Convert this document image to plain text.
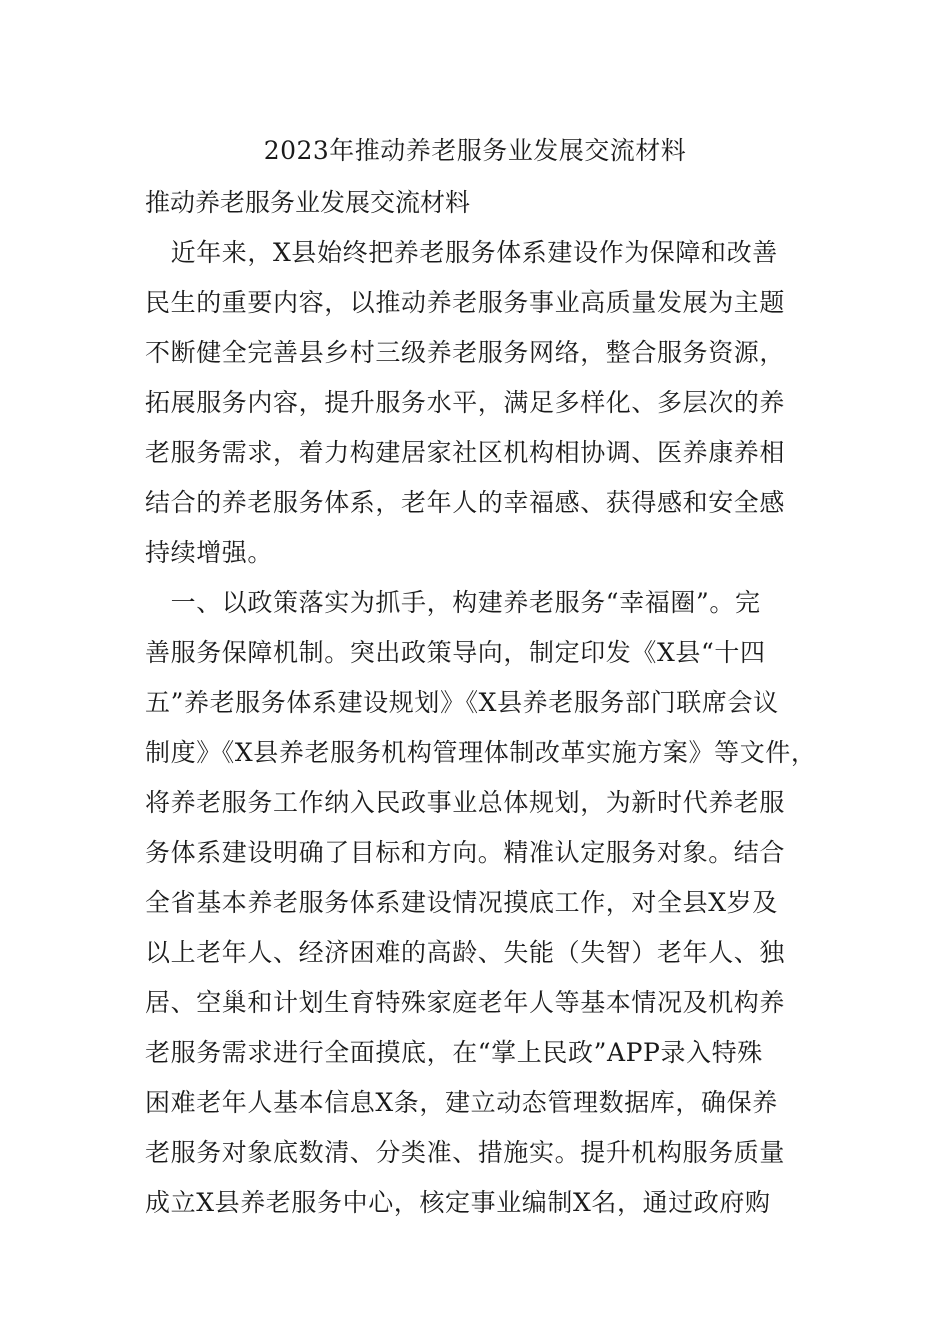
2023年推动养老服务业发展交流材料
推动养老服务业发展交流材料
　近年来，X县始终把养老服务体系建设作为保障和改善
民生的重要内容，以推动养老服务事业高质量发展为主题
不断健全完善县乡村三级养老服务网络，整合服务资源，
拓展服务内容，提升服务水平，满足多样化、多层次的养
老服务需求，着力构建居家社区机构相协调、医养康养相
结合的养老服务体系，老年人的幸福感、获得感和安全感
持续增强。
　一、以政策落实为抓手，构建养老服务“幸福圈”。完
善服务保障机制。突出政策导向，制定印发《X县“十四
五”养老服务体系建设规划》《X县养老服务部门联席会议
制度》《X县养老服务机构管理体制改革实施方案》等文件，
将养老服务工作纳入民政事业总体规划，为新时代养老服
务体系建设明确了目标和方向。精准认定服务对象。结合
全省基本养老服务体系建设情况摸底工作，对全县X岁及
以上老年人、经济困难的高龄、失能（失智）老年人、独
居、空巢和计划生育特殊家庭老年人等基本情况及机构养
老服务需求进行全面摸底，在“掌上民政”APP录入特殊
困难老年人基本信息X条，建立动态管理数据库，确保养
老服务对象底数清、分类准、措施实。提升机构服务质量
成立X县养老服务中心，核定事业编制X名，通过政府购
